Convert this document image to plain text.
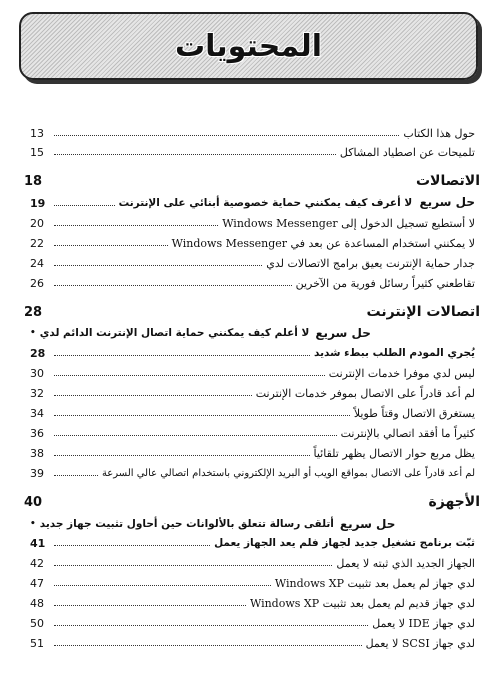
المحتويات
حول هذا الكتاب
13
تلميحات عن اصطياد المشاكل
15
الاتصالات
18
حل سريع  لا أعرف كيف يمكنني حماية خصوصية أبنائي على الإنترنت
19
لا أستطيع تسجيل الدخول إلى Windows Messenger
20
لا يمكنني استخدام المساعدة عن بعد في Windows Messenger
22
جدار حماية الإنترنت يعيق برامج الاتصالات لدي
24
تقاطعني كثيراً رسائل فورية من الآخرين
26
اتصالات الإنترنت
28
حل سريع
لا أعلم كيف يمكنني حماية اتصال الإنترنت الدائم لدي
•
يُجري المودم الطلب ببطء شديد
28
ليس لدي موفرا خدمات الإنترنت
30
لم أعد قادراً على الاتصال بموفر خدمات الإنترنت
32
يستغرق الاتصال وقتاً طويلاً
34
كثيراً ما أفقد اتصالي بالإنترنت
36
يظل مربع حوار الاتصال يظهر تلقائياً
38
لم أعد قادراً على الاتصال بمواقع الويب أو البريد الإلكتروني باستخدام اتصالي عالي السرعة
39
الأجهزة
40
حل سريع
أتلقى رسالة تتعلق بالألوانات حين أحاول تثبيت جهاز جديد
•
ثبّت برنامج تشغيل جديد لجهاز فلم يعد الجهاز يعمل
41
الجهاز الجديد الذي ثبته لا يعمل
42
لدي جهاز لم يعمل بعد تثبيت Windows XP
47
لدي جهاز قديم لم يعمل بعد تثبيت Windows XP
48
لدي جهاز IDE لا يعمل
50
لدي جهاز SCSI لا يعمل
51
